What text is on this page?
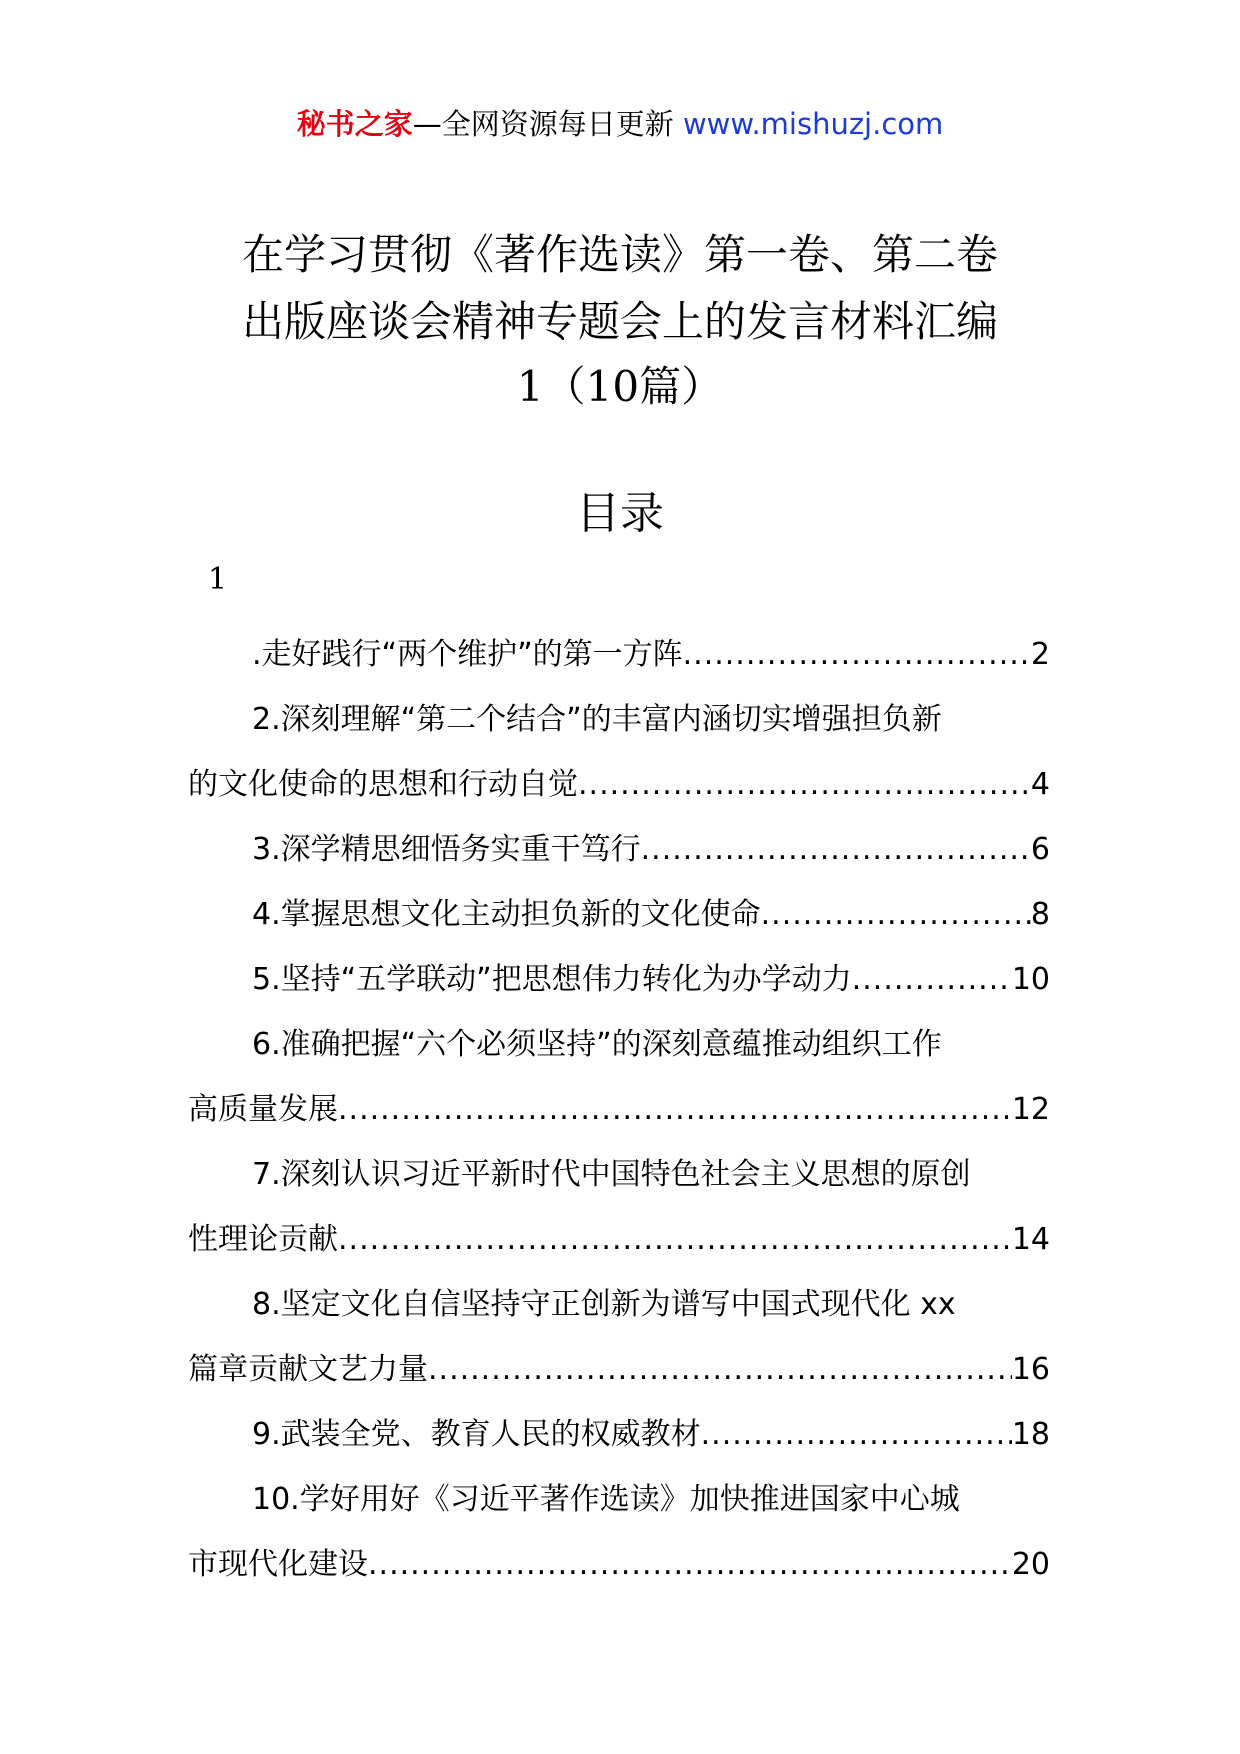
秘书之家—全网资源每日更新 www.mishuzj.com
在学习贯彻《著作选读》第一卷、第二卷
出版座谈会精神专题会上的发言材料汇编
1（10篇）
目录
1
.走好践行“两个维护”的第一方阵 .....	2
2.深刻理解“第二个结合”的丰富内涵切实增强担负新
的文化使命的思想和行动自觉 .....	4
3.深学精思细悟务实重干笃行 .....	6
4.掌握思想文化主动担负新的文化使命 .....	8
5.坚持“五学联动”把思想伟力转化为办学动力 .....	10
6.准确把握“六个必须坚持”的深刻意蕴推动组织工作
高质量发展 .....	12
7.深刻认识习近平新时代中国特色社会主义思想的原创
性理论贡献 .....	14
8.坚定文化自信坚持守正创新为谱写中国式现代化 xx
篇章贡献文艺力量 .....	16
9.武装全党、教育人民的权威教材 .....	18
10.学好用好《习近平著作选读》加快推进国家中心城
市现代化建设 .....	20
